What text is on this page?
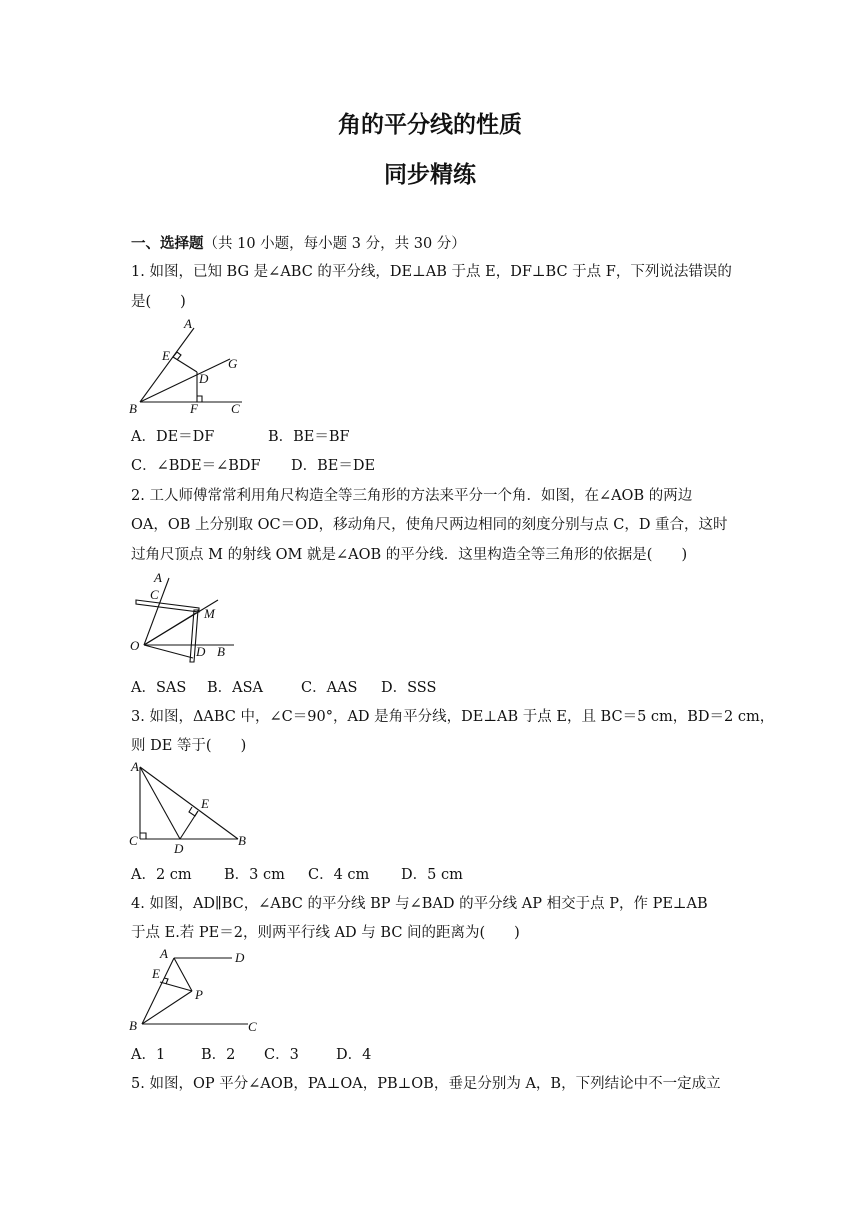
角的平分线的性质
同步精练
一、选择题（共 10 小题，每小题 3 分，共 30 分）
1. 如图，已知 BG 是∠ABC 的平分线，DE⊥AB 于点 E，DF⊥BC 于点 F，下列说法错误的
是(　　)
A
E
G
D
B	F	C
A．DE＝DF	B．BE＝BF
C．∠BDE＝∠BDF D．BE＝DE
2. 工人师傅常常利用角尺构造全等三角形的方法来平分一个角．如图，在∠AOB 的两边
OA，OB 上分别取 OC＝OD，移动角尺，使角尺两边相同的刻度分别与点 C，D 重合，这时
过角尺顶点 M 的射线 OM 就是∠AOB 的平分线．这里构造全等三角形的依据是(　　)
A
C
M
O	D B
A．SAS B．ASA	C．AAS D．SSS
3. 如图，ΔABC 中，∠C＝90°，AD 是角平分线，DE⊥AB 于点 E，且 BC＝5 cm，BD＝2 cm，
则 DE 等于(　　)
A
E
C
D
B
A．2 cm B．3 cm C．4 cm D．5 cm
4. 如图，AD∥BC，∠ABC 的平分线 BP 与∠BAD 的平分线 AP 相交于点 P，作 PE⊥AB
于点 E.若 PE＝2，则两平行线 AD 与 BC 间的距离为(　　)
A	D
E
P
B	C
A．1 B．2 C．3	D．4
5. 如图，OP 平分∠AOB，PA⊥OA，PB⊥OB，垂足分别为 A，B，下列结论中不一定成立
